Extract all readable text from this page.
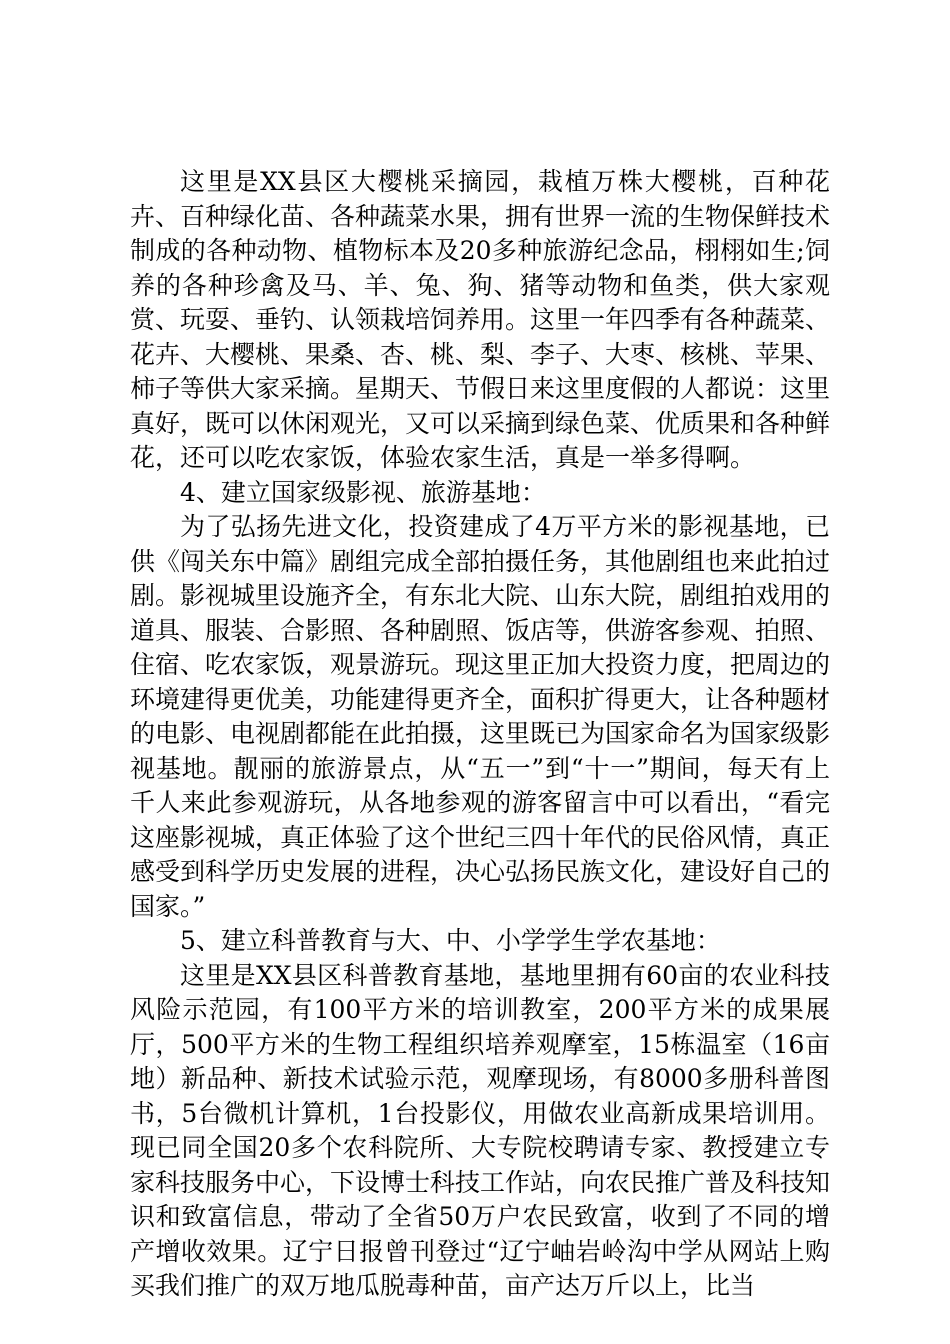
这里是XX县区大樱桃采摘园，栽植万株大樱桃，百种花卉、百种绿化苗、各种蔬菜水果，拥有世界一流的生物保鲜技术制成的各种动物、植物标本及20多种旅游纪念品，栩栩如生;饲养的各种珍禽及马、羊、兔、狗、猪等动物和鱼类，供大家观赏、玩耍、垂钓、认领栽培饲养用。这里一年四季有各种蔬菜、花卉、大樱桃、果桑、杏、桃、梨、李子、大枣、核桃、苹果、柿子等供大家采摘。星期天、节假日来这里度假的人都说：这里真好，既可以休闲观光，又可以采摘到绿色菜、优质果和各种鲜花，还可以吃农家饭，体验农家生活，真是一举多得啊。

4、建立国家级影视、旅游基地：

为了弘扬先进文化，投资建成了4万平方米的影视基地，已供《闯关东中篇》剧组完成全部拍摄任务，其他剧组也来此拍过剧。影视城里设施齐全，有东北大院、山东大院，剧组拍戏用的道具、服装、合影照、各种剧照、饭店等，供游客参观、拍照、住宿、吃农家饭，观景游玩。现这里正加大投资力度，把周边的环境建得更优美，功能建得更齐全，面积扩得更大，让各种题材的电影、电视剧都能在此拍摄，这里既已为国家命名为国家级影视基地。靓丽的旅游景点，从“五一”到“十一”期间，每天有上千人来此参观游玩，从各地参观的游客留言中可以看出，“看完这座影视城，真正体验了这个世纪三四十年代的民俗风情，真正感受到科学历史发展的进程，决心弘扬民族文化，建设好自己的国家。”

5、建立科普教育与大、中、小学学生学农基地：

这里是XX县区科普教育基地，基地里拥有60亩的农业科技风险示范园，有100平方米的培训教室，200平方米的成果展厅，500平方米的生物工程组织培养观摩室，15栋温室（16亩地）新品种、新技术试验示范，观摩现场，有8000多册科普图书，5台微机计算机，1台投影仪，用做农业高新成果培训用。现已同全国20多个农科院所、大专院校聘请专家、教授建立专家科技服务中心，下设博士科技工作站，向农民推广普及科技知识和致富信息，带动了全省50万户农民致富，收到了不同的增产增收效果。辽宁日报曾刊登过“辽宁岫岩岭沟中学从网站上购买我们推广的双万地瓜脱毒种苗，亩产达万斤以上，比当
